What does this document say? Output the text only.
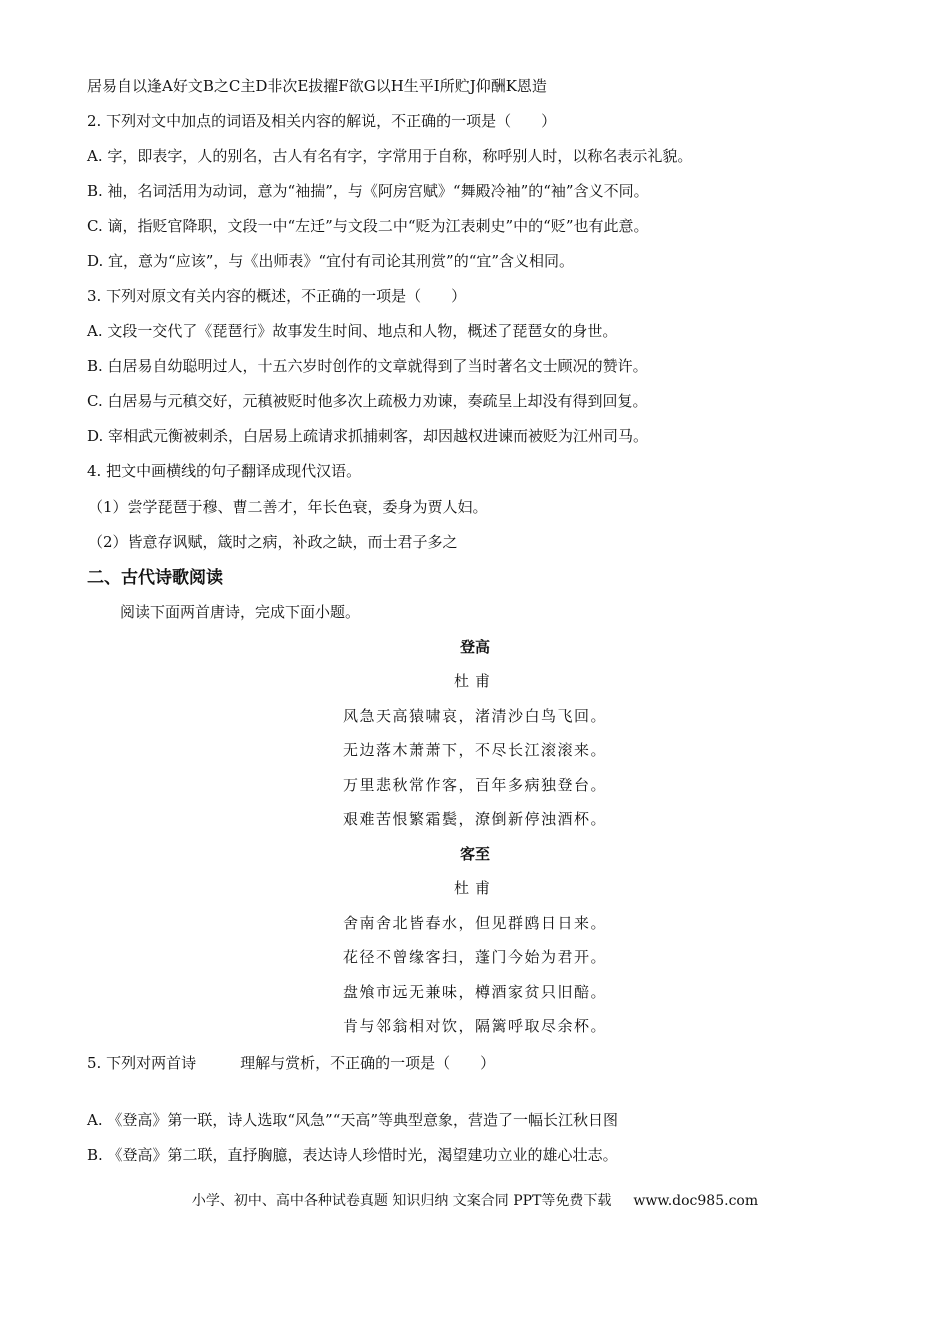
居易自以逢A好文B之C主D非次E拔擢F欲G以H生平I所贮J仰酬K恩造
2. 下列对文中加点的词语及相关内容的解说，不正确的一项是（　　）
A. 字，即表字，人的别名，古人有名有字，字常用于自称，称呼别人时，以称名表示礼貌。
B. 袖，名词活用为动词，意为“袖揣”，与《阿房宫赋》“舞殿冷袖”的“袖”含义不同。
C. 谪，指贬官降职，文段一中“左迁”与文段二中“贬为江表刺史”中的“贬”也有此意。
D. 宜，意为“应该”，与《出师表》“宜付有司论其刑赏”的“宜”含义相同。
3. 下列对原文有关内容的概述，不正确的一项是（　　）
A. 文段一交代了《琵琶行》故事发生时间、地点和人物，概述了琵琶女的身世。
B. 白居易自幼聪明过人，十五六岁时创作的文章就得到了当时著名文士顾况的赞许。
C. 白居易与元稹交好，元稹被贬时他多次上疏极力劝谏，奏疏呈上却没有得到回复。
D. 宰相武元衡被刺杀，白居易上疏请求抓捕刺客，却因越权进谏而被贬为江州司马。
4. 把文中画横线的句子翻译成现代汉语。
（1）尝学琵琶于穆、曹二善才，年长色衰，委身为贾人妇。
（2）皆意存讽赋，箴时之病，补政之缺，而士君子多之
二、古代诗歌阅读
阅读下面两首唐诗，完成下面小题。
登高
杜甫
风急天高猿啸哀，渚清沙白鸟飞回。
无边落木萧萧下，不尽长江滚滚来。
万里悲秋常作客，百年多病独登台。
艰难苦恨繁霜鬓，潦倒新停浊酒杯。
客至
杜甫
舍南舍北皆春水，但见群鸥日日来。
花径不曾缘客扫，蓬门今始为君开。
盘飧市远无兼味，樽酒家贫只旧醅。
肯与邻翁相对饮，隔篱呼取尽余杯。
5. 下列对两首诗	理解与赏析，不正确的一项是（　　）
A. 《登高》第一联，诗人选取“风急”“天高”等典型意象，营造了一幅长江秋日图
B. 《登高》第二联，直抒胸臆，表达诗人珍惜时光，渴望建功立业的雄心壮志。
小学、初中、高中各种试卷真题 知识归纳 文案合同 PPT等免费下载 www.doc985.com
